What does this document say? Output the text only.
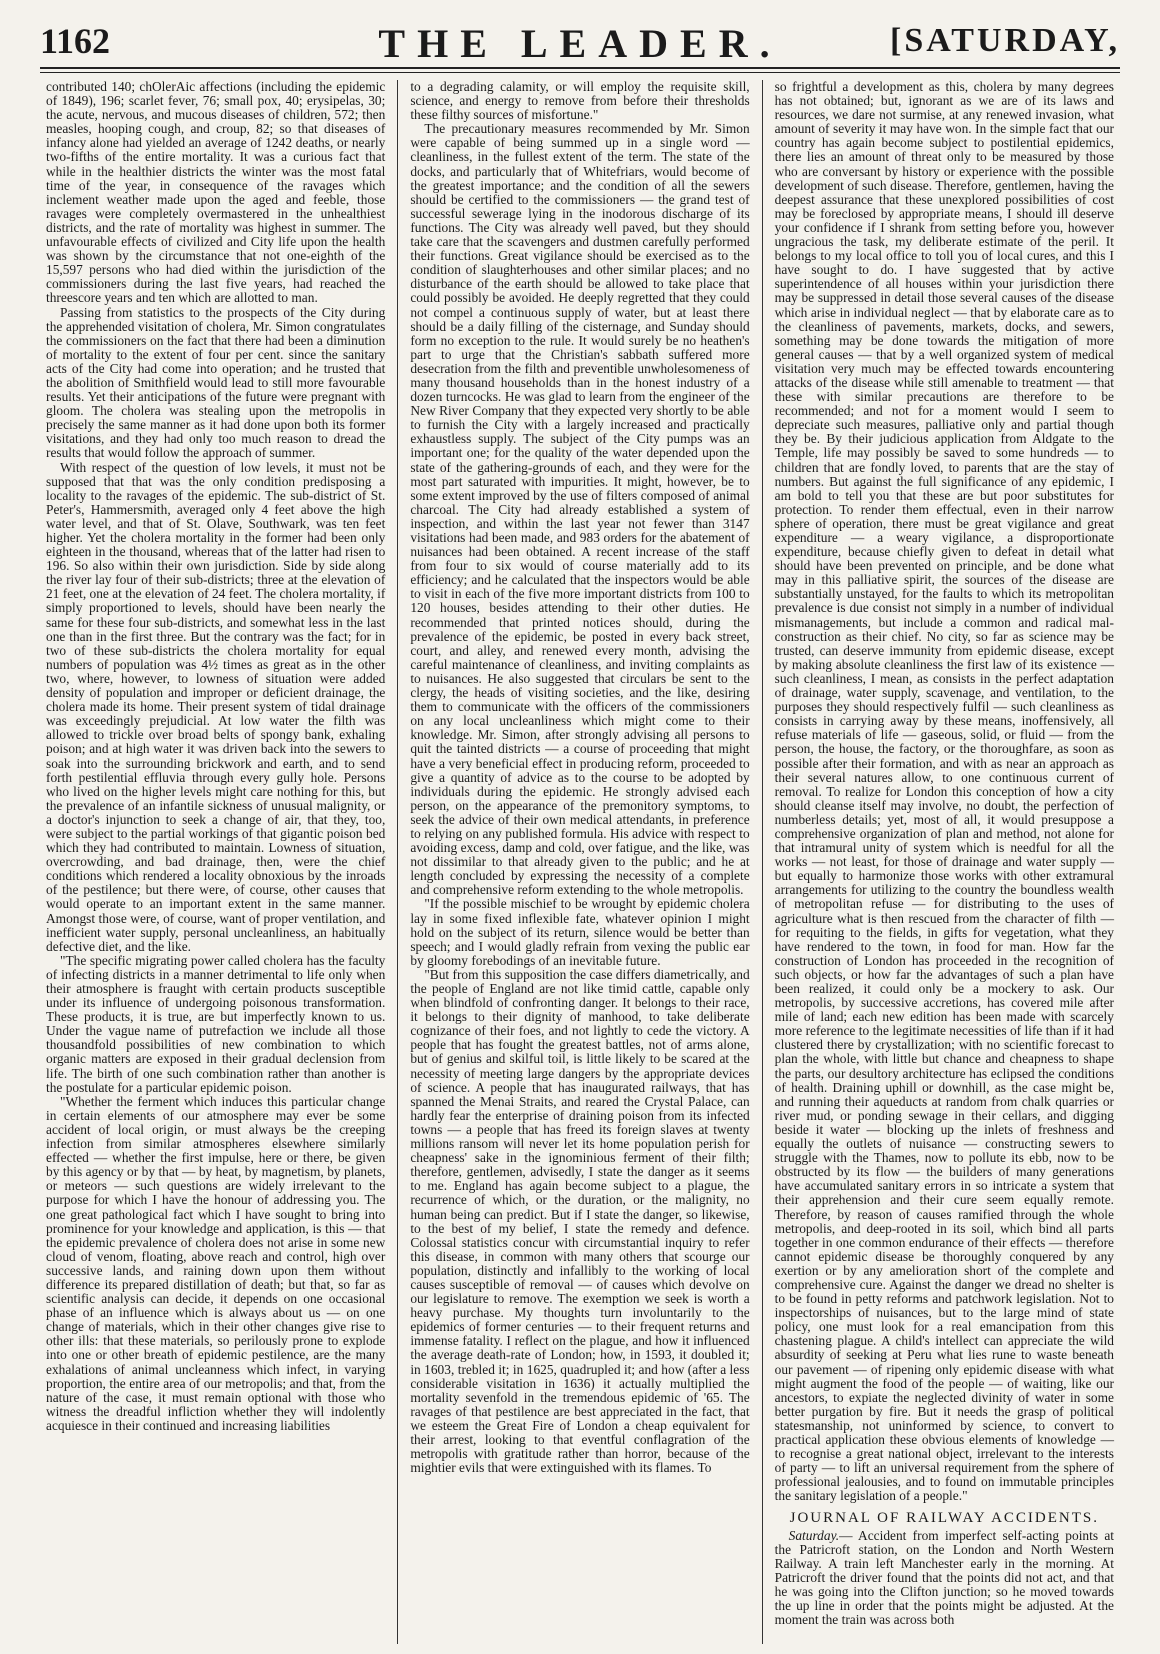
1162	THE LEADER.	[SATURDAY,

contributed 140; chOlerAic affections (including the epidemic of 1849), 196; scarlet fever, 76; small pox, 40; erysipelas, 30; the acute, nervous, and mucous diseases of children, 572; then measles, hooping cough, and croup, 82; so that diseases of infancy alone had yielded an average of 1242 deaths, or nearly two-fifths of the entire mortality. It was a curious fact that while in the healthier districts the winter was the most fatal time of the year, in consequence of the ravages which inclement weather made upon the aged and feeble, those ravages were completely overmastered in the unhealthiest districts, and the rate of mortality was highest in summer. The unfavourable effects of civilized and City life upon the health was shown by the circumstance that not one-eighth of the 15,597 persons who had died within the jurisdiction of the commissioners during the last five years, had reached the threescore years and ten which are allotted to man.

Passing from statistics to the prospects of the City during the apprehended visitation of cholera, Mr. Simon congratulates the commissioners on the fact that there had been a diminution of mortality to the extent of four per cent. since the sanitary acts of the City had come into operation; and he trusted that the abolition of Smithfield would lead to still more favourable results. Yet their anticipations of the future were pregnant with gloom. The cholera was stealing upon the metropolis in precisely the same manner as it had done upon both its former visitations, and they had only too much reason to dread the results that would follow the approach of summer.

With respect of the question of low levels, it must not be supposed that that was the only condition predisposing a locality to the ravages of the epidemic. The sub-district of St. Peter's, Hammersmith, averaged only 4 feet above the high water level, and that of St. Olave, Southwark, was ten feet higher. Yet the cholera mortality in the former had been only eighteen in the thousand, whereas that of the latter had risen to 196. So also within their own jurisdiction. Side by side along the river lay four of their sub-districts; three at the elevation of 21 feet, one at the elevation of 24 feet. The cholera mortality, if simply proportioned to levels, should have been nearly the same for these four sub-districts, and somewhat less in the last one than in the first three. But the contrary was the fact; for in two of these sub-districts the cholera mortality for equal numbers of population was 4½ times as great as in the other two, where, however, to lowness of situation were added density of population and improper or deficient drainage, the cholera made its home. Their present system of tidal drainage was exceedingly prejudicial. At low water the filth was allowed to trickle over broad belts of spongy bank, exhaling poison; and at high water it was driven back into the sewers to soak into the surrounding brickwork and earth, and to send forth pestilential effluvia through every gully hole. Persons who lived on the higher levels might care nothing for this, but the prevalence of an infantile sickness of unusual malignity, or a doctor's injunction to seek a change of air, that they, too, were subject to the partial workings of that gigantic poison bed which they had contributed to maintain. Lowness of situation, overcrowding, and bad drainage, then, were the chief conditions which rendered a locality obnoxious by the inroads of the pestilence; but there were, of course, other causes that would operate to an important extent in the same manner. Amongst those were, of course, want of proper ventilation, and inefficient water supply, personal uncleanliness, an habitually defective diet, and the like.

"The specific migrating power called cholera has the faculty of infecting districts in a manner detrimental to life only when their atmosphere is fraught with certain products susceptible under its influence of undergoing poisonous transformation. These products, it is true, are but imperfectly known to us. Under the vague name of putrefaction we include all those thousandfold possibilities of new combination to which organic matters are exposed in their gradual declension from life. The birth of one such combination rather than another is the postulate for a particular epidemic poison.

"Whether the ferment which induces this particular change in certain elements of our atmosphere may ever be some accident of local origin, or must always be the creeping infection from similar atmospheres elsewhere similarly effected — whether the first impulse, here or there, be given by this agency or by that — by heat, by magnetism, by planets, or meteors — such questions are widely irrelevant to the purpose for which I have the honour of addressing you. The one great pathological fact which I have sought to bring into prominence for your knowledge and application, is this — that the epidemic prevalence of cholera does not arise in some new cloud of venom, floating, above reach and control, high over successive lands, and raining down upon them without difference its prepared distillation of death; but that, so far as scientific analysis can decide, it depends on one occasional phase of an influence which is always about us — on one change of materials, which in their other changes give rise to other ills: that these materials, so perilously prone to explode into one or other breath of epidemic pestilence, are the many exhalations of animal uncleanness which infect, in varying proportion, the entire area of our metropolis; and that, from the nature of the case, it must remain optional with those who witness the dreadful infliction whether they will indolently acquiesce in their continued and increasing liabilities

to a degrading calamity, or will employ the requisite skill, science, and energy to remove from before their thresholds these filthy sources of misfortune."

The precautionary measures recommended by Mr. Simon were capable of being summed up in a single word — cleanliness, in the fullest extent of the term. The state of the docks, and particularly that of Whitefriars, would become of the greatest importance; and the condition of all the sewers should be certified to the commissioners — the grand test of successful sewerage lying in the inodorous discharge of its functions. The City was already well paved, but they should take care that the scavengers and dustmen carefully performed their functions. Great vigilance should be exercised as to the condition of slaughterhouses and other similar places; and no disturbance of the earth should be allowed to take place that could possibly be avoided. He deeply regretted that they could not compel a continuous supply of water, but at least there should be a daily filling of the cisternage, and Sunday should form no exception to the rule. It would surely be no heathen's part to urge that the Christian's sabbath suffered more desecration from the filth and preventible unwholesomeness of many thousand households than in the honest industry of a dozen turncocks. He was glad to learn from the engineer of the New River Company that they expected very shortly to be able to furnish the City with a largely increased and practically exhaustless supply. The subject of the City pumps was an important one; for the quality of the water depended upon the state of the gathering-grounds of each, and they were for the most part saturated with impurities. It might, however, be to some extent improved by the use of filters composed of animal charcoal. The City had already established a system of inspection, and within the last year not fewer than 3147 visitations had been made, and 983 orders for the abatement of nuisances had been obtained. A recent increase of the staff from four to six would of course materially add to its efficiency; and he calculated that the inspectors would be able to visit in each of the five more important districts from 100 to 120 houses, besides attending to their other duties. He recommended that printed notices should, during the prevalence of the epidemic, be posted in every back street, court, and alley, and renewed every month, advising the careful maintenance of cleanliness, and inviting complaints as to nuisances. He also suggested that circulars be sent to the clergy, the heads of visiting societies, and the like, desiring them to communicate with the officers of the commissioners on any local uncleanliness which might come to their knowledge. Mr. Simon, after strongly advising all persons to quit the tainted districts — a course of proceeding that might have a very beneficial effect in producing reform, proceeded to give a quantity of advice as to the course to be adopted by individuals during the epidemic. He strongly advised each person, on the appearance of the premonitory symptoms, to seek the advice of their own medical attendants, in preference to relying on any published formula. His advice with respect to avoiding excess, damp and cold, over fatigue, and the like, was not dissimilar to that already given to the public; and he at length concluded by expressing the necessity of a complete and comprehensive reform extending to the whole metropolis.

"If the possible mischief to be wrought by epidemic cholera lay in some fixed inflexible fate, whatever opinion I might hold on the subject of its return, silence would be better than speech; and I would gladly refrain from vexing the public ear by gloomy forebodings of an inevitable future.

"But from this supposition the case differs diametrically, and the people of England are not like timid cattle, capable only when blindfold of confronting danger. It belongs to their race, it belongs to their dignity of manhood, to take deliberate cognizance of their foes, and not lightly to cede the victory. A people that has fought the greatest battles, not of arms alone, but of genius and skilful toil, is little likely to be scared at the necessity of meeting large dangers by the appropriate devices of science. A people that has inaugurated railways, that has spanned the Menai Straits, and reared the Crystal Palace, can hardly fear the enterprise of draining poison from its infected towns — a people that has freed its foreign slaves at twenty millions ransom will never let its home population perish for cheapness' sake in the ignominious ferment of their filth; therefore, gentlemen, advisedly, I state the danger as it seems to me. England has again become subject to a plague, the recurrence of which, or the duration, or the malignity, no human being can predict. But if I state the danger, so likewise, to the best of my belief, I state the remedy and defence. Colossal statistics concur with circumstantial inquiry to refer this disease, in common with many others that scourge our population, distinctly and infallibly to the working of local causes susceptible of removal — of causes which devolve on our legislature to remove. The exemption we seek is worth a heavy purchase. My thoughts turn involuntarily to the epidemics of former centuries — to their frequent returns and immense fatality. I reflect on the plague, and how it influenced the average death-rate of London; how, in 1593, it doubled it; in 1603, trebled it; in 1625, quadrupled it; and how (after a less considerable visitation in 1636) it actually multiplied the mortality sevenfold in the tremendous epidemic of '65. The ravages of that pestilence are best appreciated in the fact, that we esteem the Great Fire of London a cheap equivalent for their arrest, looking to that eventful conflagration of the metropolis with gratitude rather than horror, because of the mightier evils that were extinguished with its flames. To

so frightful a development as this, cholera by many degrees has not obtained; but, ignorant as we are of its laws and resources, we dare not surmise, at any renewed invasion, what amount of severity it may have won. In the simple fact that our country has again become subject to postilential epidemics, there lies an amount of threat only to be measured by those who are conversant by history or experience with the possible development of such disease. Therefore, gentlemen, having the deepest assurance that these unexplored possibilities of cost may be foreclosed by appropriate means, I should ill deserve your confidence if I shrank from setting before you, however ungracious the task, my deliberate estimate of the peril. It belongs to my local office to toll you of local cures, and this I have sought to do. I have suggested that by active superintendence of all houses within your jurisdiction there may be suppressed in detail those several causes of the disease which arise in individual neglect — that by elaborate care as to the cleanliness of pavements, markets, docks, and sewers, something may be done towards the mitigation of more general causes — that by a well organized system of medical visitation very much may be effected towards encountering attacks of the disease while still amenable to treatment — that these with similar precautions are therefore to be recommended; and not for a moment would I seem to depreciate such measures, palliative only and partial though they be. By their judicious application from Aldgate to the Temple, life may possibly be saved to some hundreds — to children that are fondly loved, to parents that are the stay of numbers. But against the full significance of any epidemic, I am bold to tell you that these are but poor substitutes for protection. To render them effectual, even in their narrow sphere of operation, there must be great vigilance and great expenditure — a weary vigilance, a disproportionate expenditure, because chiefly given to defeat in detail what should have been prevented on principle, and be done what may in this palliative spirit, the sources of the disease are substantially unstayed, for the faults to which its metropolitan prevalence is due consist not simply in a number of individual mismanagements, but include a common and radical mal-construction as their chief. No city, so far as science may be trusted, can deserve immunity from epidemic disease, except by making absolute cleanliness the first law of its existence — such cleanliness, I mean, as consists in the perfect adaptation of drainage, water supply, scavenage, and ventilation, to the purposes they should respectively fulfil — such cleanliness as consists in carrying away by these means, inoffensively, all refuse materials of life — gaseous, solid, or fluid — from the person, the house, the factory, or the thoroughfare, as soon as possible after their formation, and with as near an approach as their several natures allow, to one continuous current of removal. To realize for London this conception of how a city should cleanse itself may involve, no doubt, the perfection of numberless details; yet, most of all, it would presuppose a comprehensive organization of plan and method, not alone for that intramural unity of system which is needful for all the works — not least, for those of drainage and water supply — but equally to harmonize those works with other extramural arrangements for utilizing to the country the boundless wealth of metropolitan refuse — for distributing to the uses of agriculture what is then rescued from the character of filth — for requiting to the fields, in gifts for vegetation, what they have rendered to the town, in food for man. How far the construction of London has proceeded in the recognition of such objects, or how far the advantages of such a plan have been realized, it could only be a mockery to ask. Our metropolis, by successive accretions, has covered mile after mile of land; each new edition has been made with scarcely more reference to the legitimate necessities of life than if it had clustered there by crystallization; with no scientific forecast to plan the whole, with little but chance and cheapness to shape the parts, our desultory architecture has eclipsed the conditions of health. Draining uphill or downhill, as the case might be, and running their aqueducts at random from chalk quarries or river mud, or ponding sewage in their cellars, and digging beside it water — blocking up the inlets of freshness and equally the outlets of nuisance — constructing sewers to struggle with the Thames, now to pollute its ebb, now to be obstructed by its flow — the builders of many generations have accumulated sanitary errors in so intricate a system that their apprehension and their cure seem equally remote. Therefore, by reason of causes ramified through the whole metropolis, and deep-rooted in its soil, which bind all parts together in one common endurance of their effects — therefore cannot epidemic disease be thoroughly conquered by any exertion or by any amelioration short of the complete and comprehensive cure. Against the danger we dread no shelter is to be found in petty reforms and patchwork legislation. Not to inspectorships of nuisances, but to the large mind of state policy, one must look for a real emancipation from this chastening plague. A child's intellect can appreciate the wild absurdity of seeking at Peru what lies rune to waste beneath our pavement — of ripening only epidemic disease with what might augment the food of the people — of waiting, like our ancestors, to expiate the neglected divinity of water in some better purgation by fire. But it needs the grasp of political statesmanship, not uninformed by science, to convert to practical application these obvious elements of knowledge — to recognise a great national object, irrelevant to the interests of party — to lift an universal requirement from the sphere of professional jealousies, and to found on immutable principles the sanitary legislation of a people."

JOURNAL OF RAILWAY ACCIDENTS.

Saturday.— Accident from imperfect self-acting points at the Patricroft station, on the London and North Western Railway. A train left Manchester early in the morning. At Patricroft the driver found that the points did not act, and that he was going into the Clifton junction; so he moved towards the up line in order that the points might be adjusted. At the moment the train was across both
